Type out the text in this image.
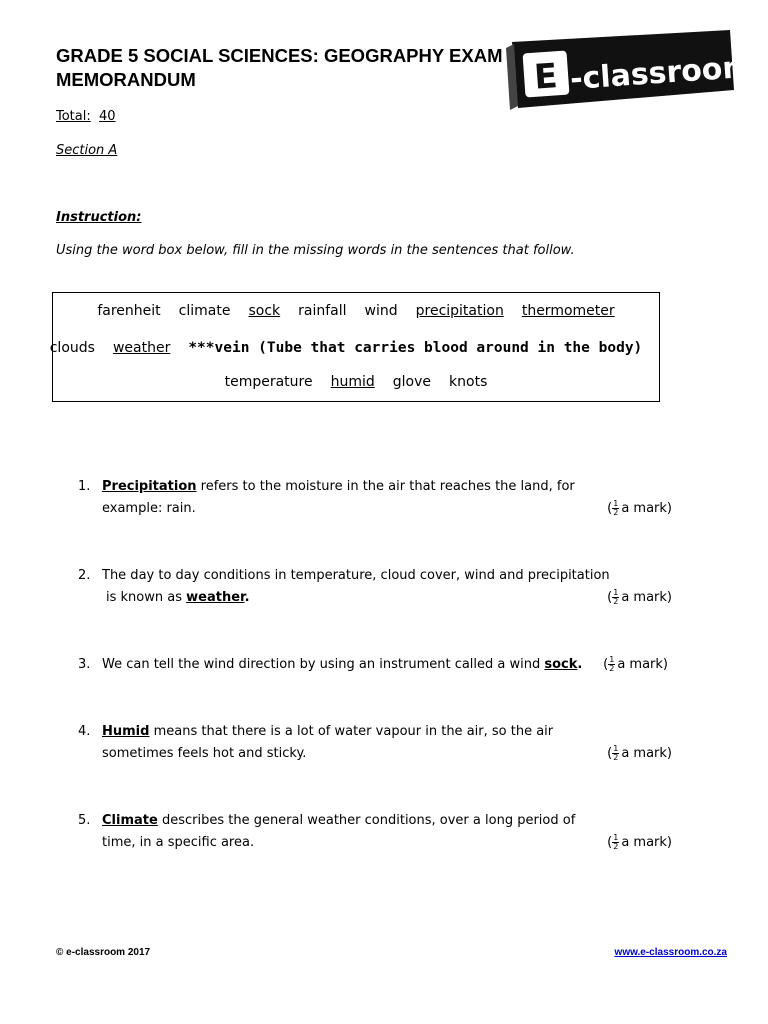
GRADE 5 SOCIAL SCIENCES: GEOGRAPHY EXAM
MEMORANDUM	E -classroom
Total: 40
Section A
Instruction:
Using the word box below, fill in the missing words in the sentences that follow.
farenheit climate sock rainfall wind precipitation thermometer
clouds weather ***vein (Tube that carries blood around in the body)
temperature humid glove knots
1. Precipitation refers to the moisture in the air that reaches the land, for
example: rain.	( $\frac{1}{2}$ a mark)
2. The day to day conditions in temperature, cloud cover, wind and precipitation
is known as weather.	( $\frac{1}{2}$ a mark)
3. We can tell the wind direction by using an instrument called a wind sock. ( $\frac{1}{2}$ a mark)
4. Humid means that there is a lot of water vapour in the air, so the air
sometimes feels hot and sticky.	( $\frac{1}{2}$ a mark)
5. Climate describes the general weather conditions, over a long period of
time, in a specific area.	( $\frac{1}{2}$ a mark)
© e-classroom 2017	www.e-classroom.co.za
